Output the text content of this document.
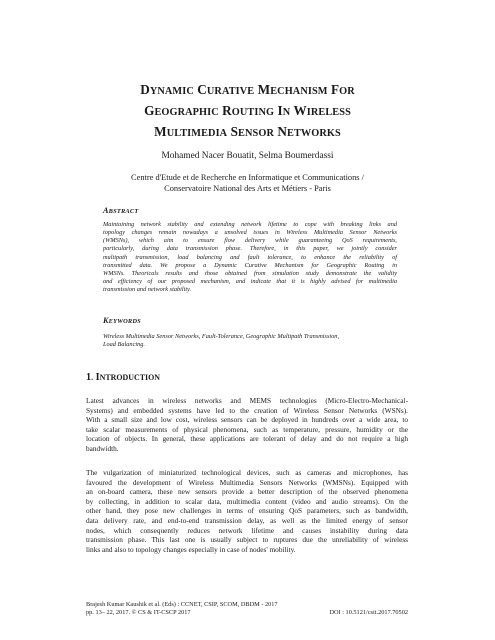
DYNAMIC CURATIVE MECHANISM FOR
GEOGRAPHIC ROUTING IN WIRELESS
MULTIMEDIA SENSOR NETWORKS
Mohamed Nacer Bouatit, Selma Boumerdassi
Centre d'Etude et de Recherche en Informatique et Communications /
Conservatoire National des Arts et Métiers - Paris
ABSTRACT
Maintaining network stability and extending network lifetime to cope with breaking links and
topology changes remain nowadays a unsolved issues in Wireless Multimedia Sensor Networks
(WMSNs), which aim to ensure flow delivery while guaranteeing QoS requirements,
particularly, during data transmission phase. Therefore, in this paper, we jointly consider
multipath transmission, load balancing and fault tolerance, to enhance the reliability of
transmitted data. We propose a Dynamic Curative Mechanism for Geographic Routing in
WMSNs. Theoricals results and those obtained from simulation study demonstrate the validity
and efficiency of our proposed mechanism, and indicate that it is highly advised for multimedia
transmission and network stability.
KEYWORDS
Wireless Multimedia Sensor Networks, Fault-Tolerance, Geographic Multipath Transmission,
Load Balancing.
1. INTRODUCTION
Latest advances in wireless networks and MEMS technologies (Micro-Electro-Mechanical-
Systems) and embedded systems have led to the creation of Wireless Sensor Networks (WSNs).
With a small size and low cost, wireless sensors can be deployed in hundreds over a wide area, to
take scalar measurements of physical phenomena, such as temperature, pressure, humidity or the
location of objects. In general, these applications are tolerant of delay and do not require a high
bandwidth.
The vulgarization of miniaturized technological devices, such as cameras and microphones, has
favoured the development of Wireless Multimedia Sensors Networks (WMSNs). Equipped with
an on-board camera, these new sensors provide a better description of the observed phenomena
by collecting, in addition to scalar data, multimedia content (video and audio streams). On the
other hand, they pose new challenges in terms of ensuring QoS parameters, such as bandwidth,
data delivery rate, and end-to-end transmission delay, as well as the limited energy of sensor
nodes, which consequently reduces network lifetime and causes instability during data
transmission phase. This last one is usually subject to ruptures due the unreliability of wireless
links and also to topology changes especially in case of nodes' mobility.
Brajesh Kumar Kaushik et al. (Eds) : CCNET, CSIP, SCOM, DBDM - 2017
pp. 13– 22, 2017. © CS & IT-CSCP 2017	DOI : 10.5121/csit.2017.70502
